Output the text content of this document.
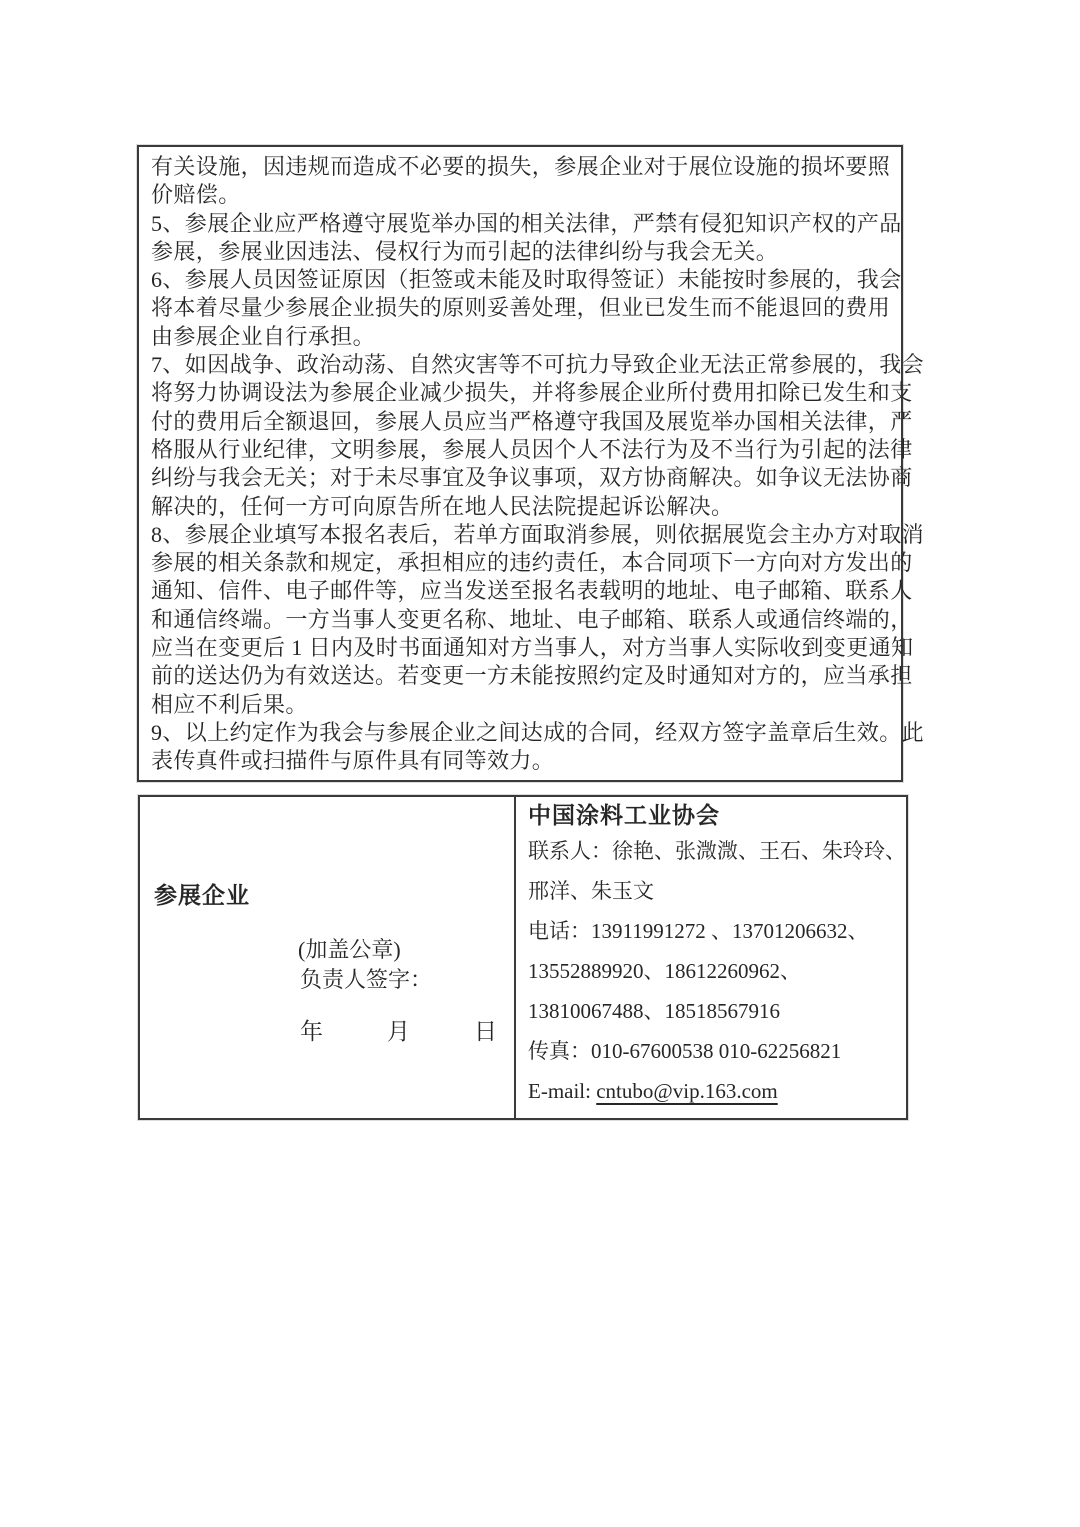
有关设施，因违规而造成不必要的损失，参展企业对于展位设施的损坏要照
价赔偿。
5、参展企业应严格遵守展览举办国的相关法律，严禁有侵犯知识产权的产品
参展，参展业因违法、侵权行为而引起的法律纠纷与我会无关。
6、参展人员因签证原因（拒签或未能及时取得签证）未能按时参展的，我会
将本着尽量少参展企业损失的原则妥善处理，但业已发生而不能退回的费用
由参展企业自行承担。
7、如因战争、政治动荡、自然灾害等不可抗力导致企业无法正常参展的，我会
将努力协调设法为参展企业减少损失，并将参展企业所付费用扣除已发生和支
付的费用后全额退回，参展人员应当严格遵守我国及展览举办国相关法律，严
格服从行业纪律，文明参展，参展人员因个人不法行为及不当行为引起的法律
纠纷与我会无关；对于未尽事宜及争议事项，双方协商解决。如争议无法协商
解决的，任何一方可向原告所在地人民法院提起诉讼解决。
8、参展企业填写本报名表后，若单方面取消参展，则依据展览会主办方对取消
参展的相关条款和规定，承担相应的违约责任，本合同项下一方向对方发出的
通知、信件、电子邮件等，应当发送至报名表载明的地址、电子邮箱、联系人
和通信终端。一方当事人变更名称、地址、电子邮箱、联系人或通信终端的，
应当在变更后 1 日内及时书面通知对方当事人，对方当事人实际收到变更通知
前的送达仍为有效送达。若变更一方未能按照约定及时通知对方的，应当承担
相应不利后果。
9、以上约定作为我会与参展企业之间达成的合同，经双方签字盖章后生效。此
表传真件或扫描件与原件具有同等效力。
参展企业
(加盖公章)
负责人签字：
年　　月　　日
中国涂料工业协会
联系人：徐艳、张溦溦、王石、朱玲玲、
邢洋、朱玉文
电话：13911991272 、13701206632、
13552889920、18612260962、
13810067488、18518567916
传真：010-67600538 010-62256821
E-mail: cntubo@vip.163.com
